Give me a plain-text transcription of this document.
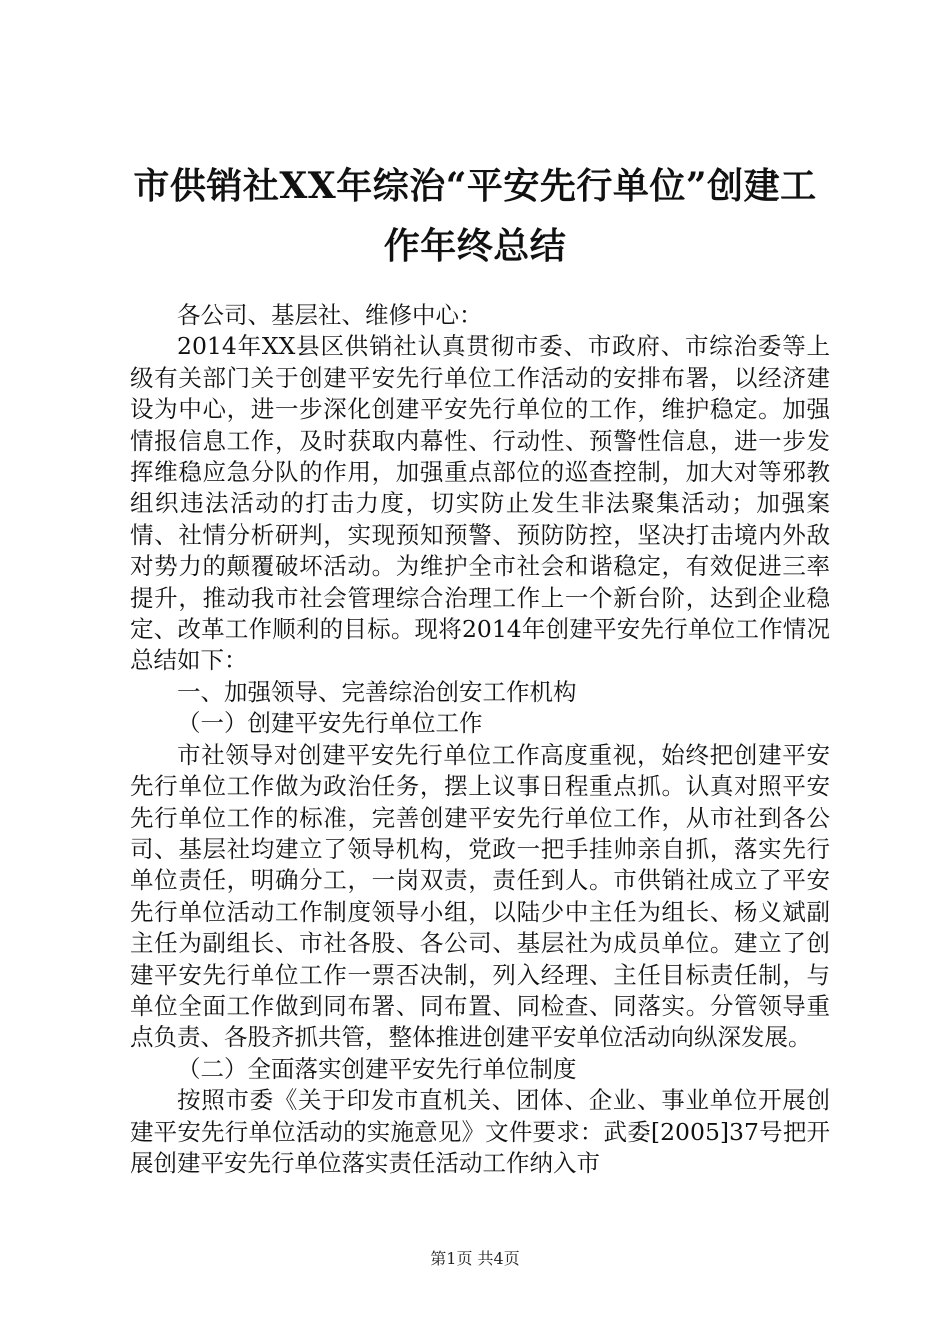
市供销社XX年综治“平安先行单位”创建工作年终总结

各公司、基层社、维修中心：

2014年XX县区供销社认真贯彻市委、市政府、市综治委等上级有关部门关于创建平安先行单位工作活动的安排布署，以经济建设为中心，进一步深化创建平安先行单位的工作，维护稳定。加强情报信息工作，及时获取内幕性、行动性、预警性信息，进一步发挥维稳应急分队的作用，加强重点部位的巡查控制，加大对等邪教组织违法活动的打击力度，切实防止发生非法聚集活动；加强案情、社情分析研判，实现预知预警、预防防控，坚决打击境内外敌对势力的颠覆破坏活动。为维护全市社会和谐稳定，有效促进三率提升，推动我市社会管理综合治理工作上一个新台阶，达到企业稳定、改革工作顺利的目标。现将2014年创建平安先行单位工作情况总结如下：

一、加强领导、完善综治创安工作机构

（一）创建平安先行单位工作

市社领导对创建平安先行单位工作高度重视，始终把创建平安先行单位工作做为政治任务，摆上议事日程重点抓。认真对照平安先行单位工作的标准，完善创建平安先行单位工作，从市社到各公司、基层社均建立了领导机构，党政一把手挂帅亲自抓，落实先行单位责任，明确分工，一岗双责，责任到人。市供销社成立了平安先行单位活动工作制度领导小组，以陆少中主任为组长、杨义斌副主任为副组长、市社各股、各公司、基层社为成员单位。建立了创建平安先行单位工作一票否决制，列入经理、主任目标责任制，与单位全面工作做到同布署、同布置、同检查、同落实。分管领导重点负责、各股齐抓共管，整体推进创建平安单位活动向纵深发展。

（二）全面落实创建平安先行单位制度

按照市委《关于印发市直机关、团体、企业、事业单位开展创建平安先行单位活动的实施意见》文件要求：武委[2005]37号把开展创建平安先行单位落实责任活动工作纳入市

第1页 共4页
